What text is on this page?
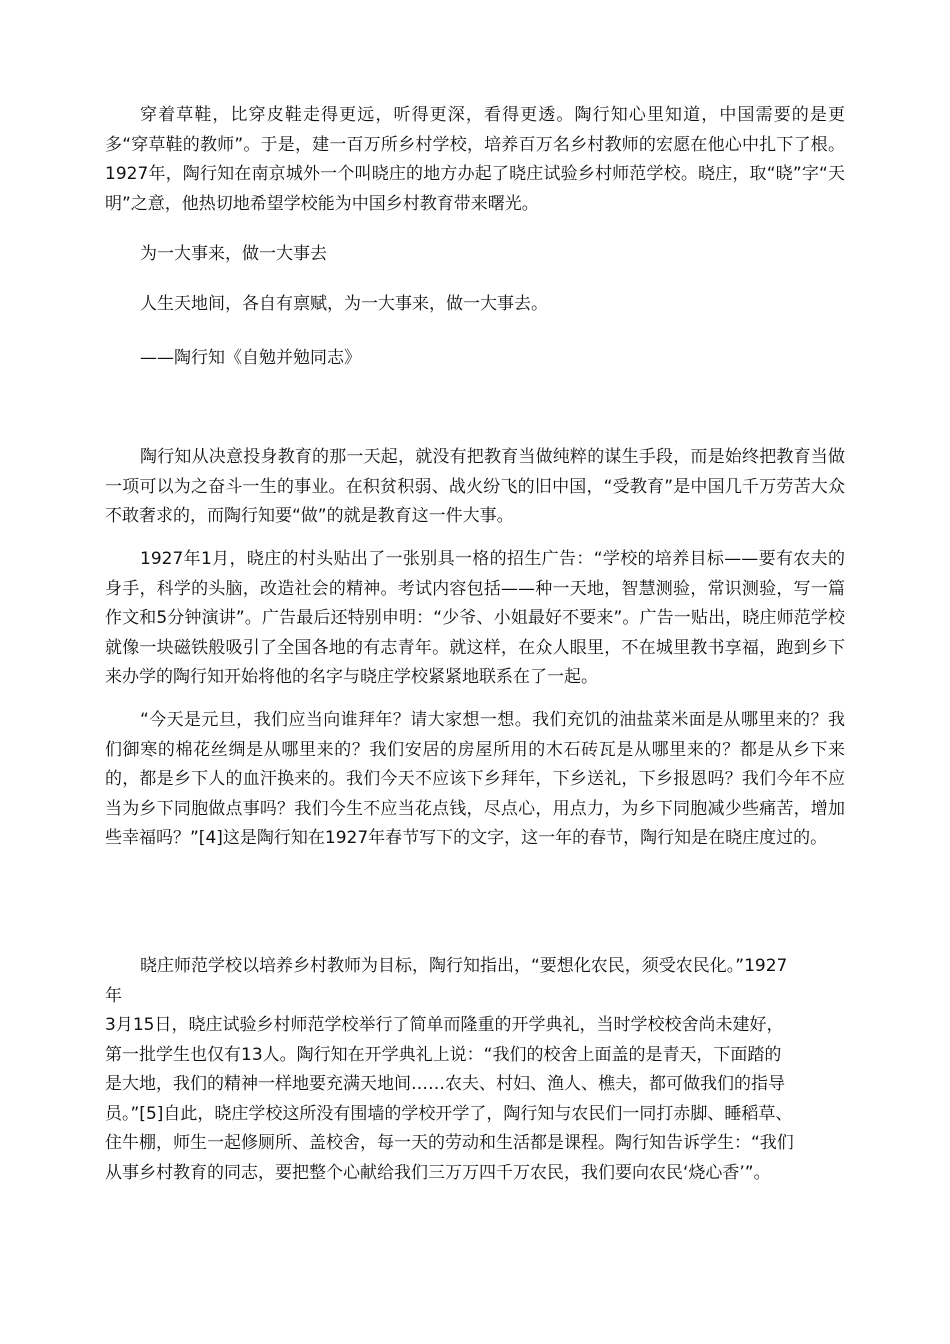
穿着草鞋，比穿皮鞋走得更远，听得更深，看得更透。陶行知心里知道，中国需要的是更多“穿草鞋的教师”。于是，建一百万所乡村学校，培养百万名乡村教师的宏愿在他心中扎下了根。1927年，陶行知在南京城外一个叫晓庄的地方办起了晓庄试验乡村师范学校。晓庄，取“晓”字“天明”之意，他热切地希望学校能为中国乡村教育带来曙光。

为一大事来，做一大事去

人生天地间，各自有禀赋，为一大事来，做一大事去。

——陶行知《自勉并勉同志》

陶行知从决意投身教育的那一天起，就没有把教育当做纯粹的谋生手段，而是始终把教育当做一项可以为之奋斗一生的事业。在积贫积弱、战火纷飞的旧中国，“受教育”是中国几千万劳苦大众不敢奢求的，而陶行知要“做”的就是教育这一件大事。

1927年1月，晓庄的村头贴出了一张别具一格的招生广告：“学校的培养目标——要有农夫的身手，科学的头脑，改造社会的精神。考试内容包括——种一天地，智慧测验，常识测验，写一篇作文和5分钟演讲”。广告最后还特别申明：“少爷、小姐最好不要来”。广告一贴出，晓庄师范学校就像一块磁铁般吸引了全国各地的有志青年。就这样，在众人眼里，不在城里教书享福，跑到乡下来办学的陶行知开始将他的名字与晓庄学校紧紧地联系在了一起。

“今天是元旦，我们应当向谁拜年？请大家想一想。我们充饥的油盐菜米面是从哪里来的？我们御寒的棉花丝绸是从哪里来的？我们安居的房屋所用的木石砖瓦是从哪里来的？都是从乡下来的，都是乡下人的血汗换来的。我们今天不应该下乡拜年，下乡送礼，下乡报恩吗？我们今年不应当为乡下同胞做点事吗？我们今生不应当花点钱，尽点心，用点力，为乡下同胞减少些痛苦，增加些幸福吗？”[4]这是陶行知在1927年春节写下的文字，这一年的春节，陶行知是在晓庄度过的。

晓庄师范学校以培养乡村教师为目标，陶行知指出，“要想化农民，须受农民化。”1927
年
3月15日，晓庄试验乡村师范学校举行了简单而隆重的开学典礼，当时学校校舍尚未建好，
第一批学生也仅有13人。陶行知在开学典礼上说：“我们的校舍上面盖的是青天，下面踏的
是大地，我们的精神一样地要充满天地间……农夫、村妇、渔人、樵夫，都可做我们的指导
员。”[5]自此，晓庄学校这所没有围墙的学校开学了，陶行知与农民们一同打赤脚、睡稻草、
住牛棚，师生一起修厕所、盖校舍，每一天的劳动和生活都是课程。陶行知告诉学生：“我们
从事乡村教育的同志，要把整个心献给我们三万万四千万农民，我们要向农民‘烧心香’”。
